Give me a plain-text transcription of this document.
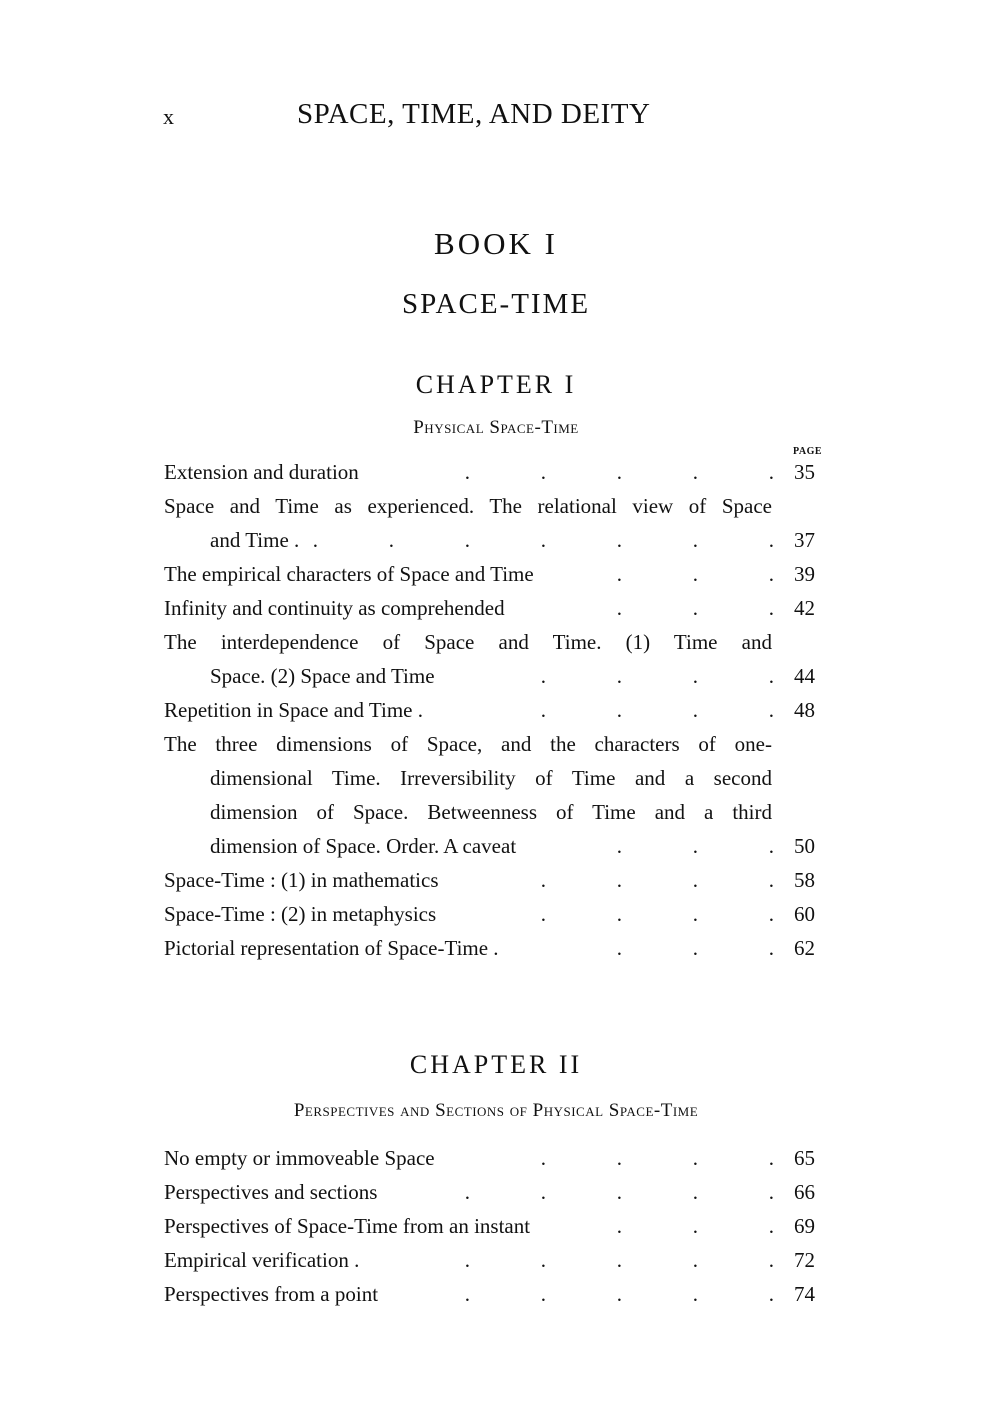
x	SPACE, TIME, AND DEITY
BOOK I
SPACE-TIME
CHAPTER I
Physical Space-Time
PAGE
Extension and duration	.	.	.	.	. 35
Space and Time as experienced. The relational view of Space
and Time . .	.	.	.	.	.	. 37
The empirical characters of Space and Time	.	.	. 39
Infinity and continuity as comprehended	.	.	. 42
The interdependence of Space and Time. (1) Time and
Space. (2) Space and Time	.	.	.	. 44
Repetition in Space and Time .	.	.	.	. 48
The three dimensions of Space, and the characters of one-
dimensional Time. Irreversibility of Time and a second
dimension of Space. Betweenness of Time and a third
dimension of Space. Order. A caveat	.	.	. 50
Space-Time : (1) in mathematics	.	.	.	. 58
Space-Time : (2) in metaphysics	.	.	.	. 60
Pictorial representation of Space-Time .	.	.	. 62
CHAPTER II
Perspectives and Sections of Physical Space-Time
No empty or immoveable Space	.	.	.	. 65
Perspectives and sections	.	.	.	.	. 66
Perspectives of Space-Time from an instant	.	.	. 69
Empirical verification .	.	.	.	.	. 72
Perspectives from a point	.	.	.	.	. 74
